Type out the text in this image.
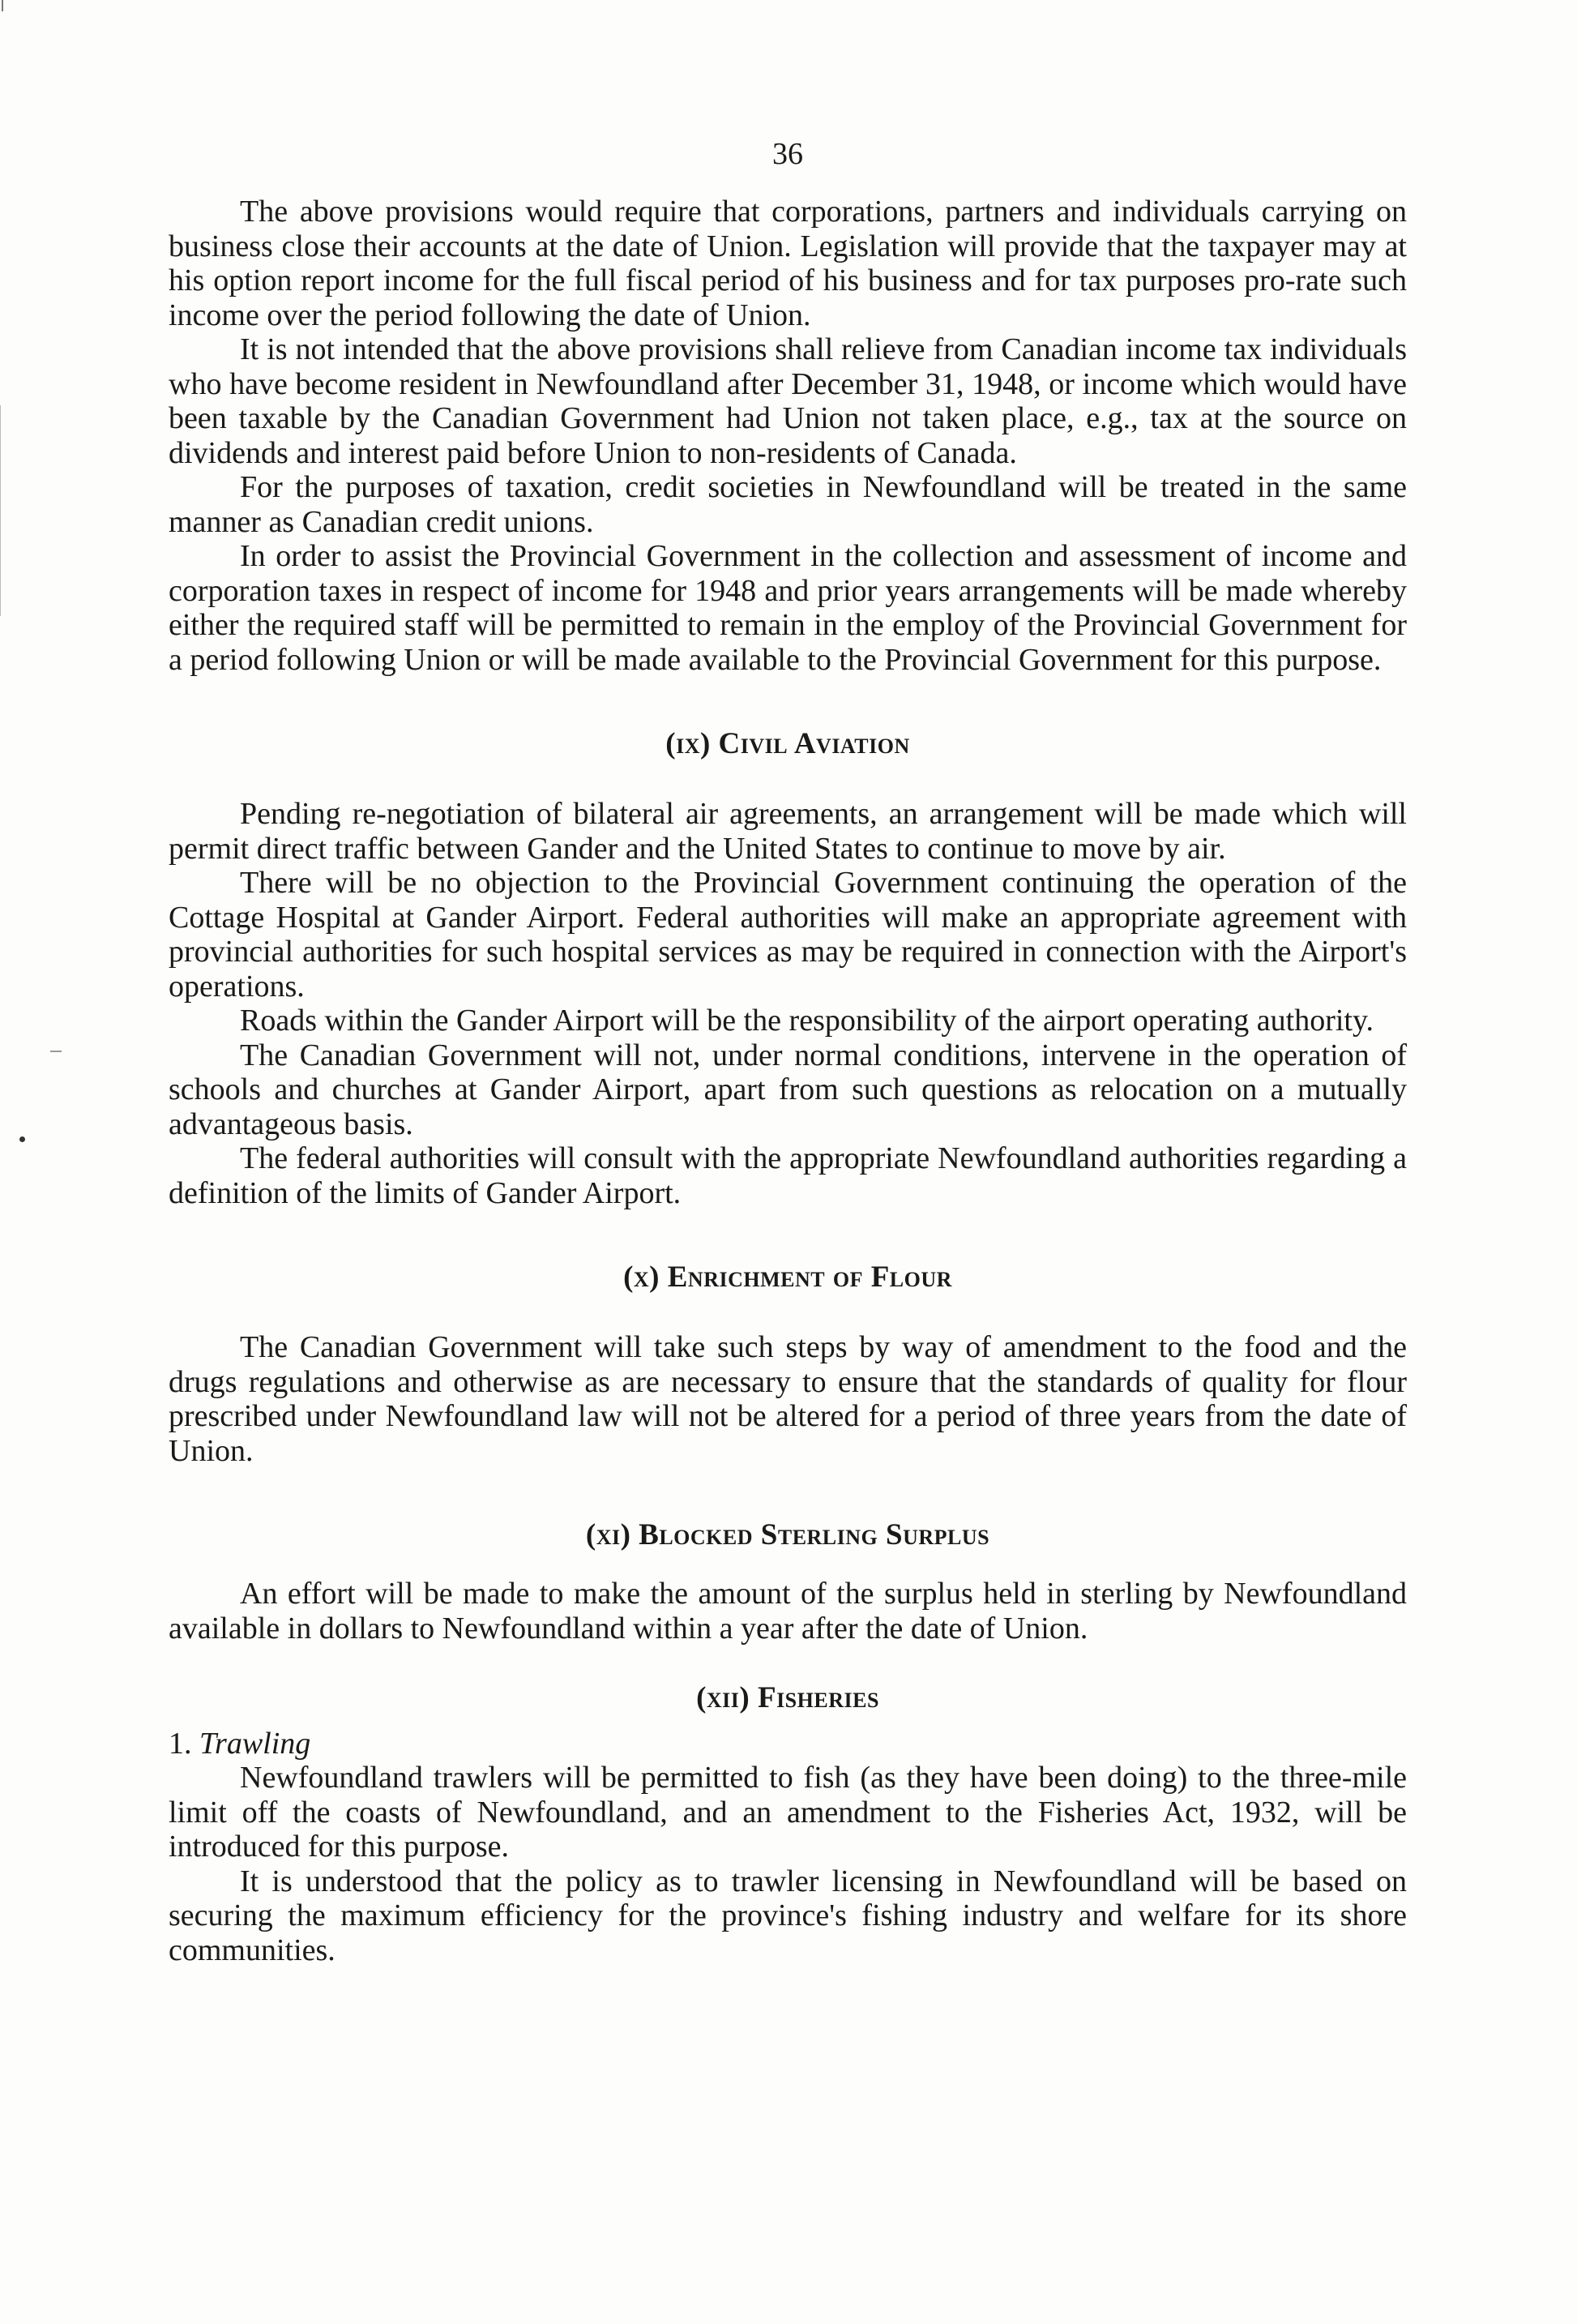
36

The above provisions would require that corporations, partners and individuals carrying on business close their accounts at the date of Union. Legislation will provide that the taxpayer may at his option report income for the full fiscal period of his business and for tax purposes pro-rate such income over the period following the date of Union.

It is not intended that the above provisions shall relieve from Canadian income tax individuals who have become resident in Newfoundland after December 31, 1948, or income which would have been taxable by the Canadian Government had Union not taken place, e.g., tax at the source on dividends and interest paid before Union to non-residents of Canada.

For the purposes of taxation, credit societies in Newfoundland will be treated in the same manner as Canadian credit unions.

In order to assist the Provincial Government in the collection and assessment of income and corporation taxes in respect of income for 1948 and prior years arrangements will be made whereby either the required staff will be permitted to remain in the employ of the Provincial Government for a period following Union or will be made available to the Provincial Government for this purpose.

(ix) Civil Aviation

Pending re-negotiation of bilateral air agreements, an arrangement will be made which will permit direct traffic between Gander and the United States to continue to move by air.

There will be no objection to the Provincial Government continuing the operation of the Cottage Hospital at Gander Airport. Federal authorities will make an appropriate agreement with provincial authorities for such hospital services as may be required in connection with the Airport's operations.

Roads within the Gander Airport will be the responsibility of the airport operating authority.

The Canadian Government will not, under normal conditions, intervene in the operation of schools and churches at Gander Airport, apart from such questions as relocation on a mutually advantageous basis.

The federal authorities will consult with the appropriate Newfoundland authorities regarding a definition of the limits of Gander Airport.

(x) Enrichment of Flour

The Canadian Government will take such steps by way of amendment to the food and the drugs regulations and otherwise as are necessary to ensure that the standards of quality for flour prescribed under Newfoundland law will not be altered for a period of three years from the date of Union.

(xi) Blocked Sterling Surplus

An effort will be made to make the amount of the surplus held in sterling by Newfoundland available in dollars to Newfoundland within a year after the date of Union.

(xii) Fisheries
1. Trawling

Newfoundland trawlers will be permitted to fish (as they have been doing) to the three-mile limit off the coasts of Newfoundland, and an amendment to the Fisheries Act, 1932, will be introduced for this purpose.

It is understood that the policy as to trawler licensing in Newfoundland will be based on securing the maximum efficiency for the province's fishing industry and welfare for its shore communities.
